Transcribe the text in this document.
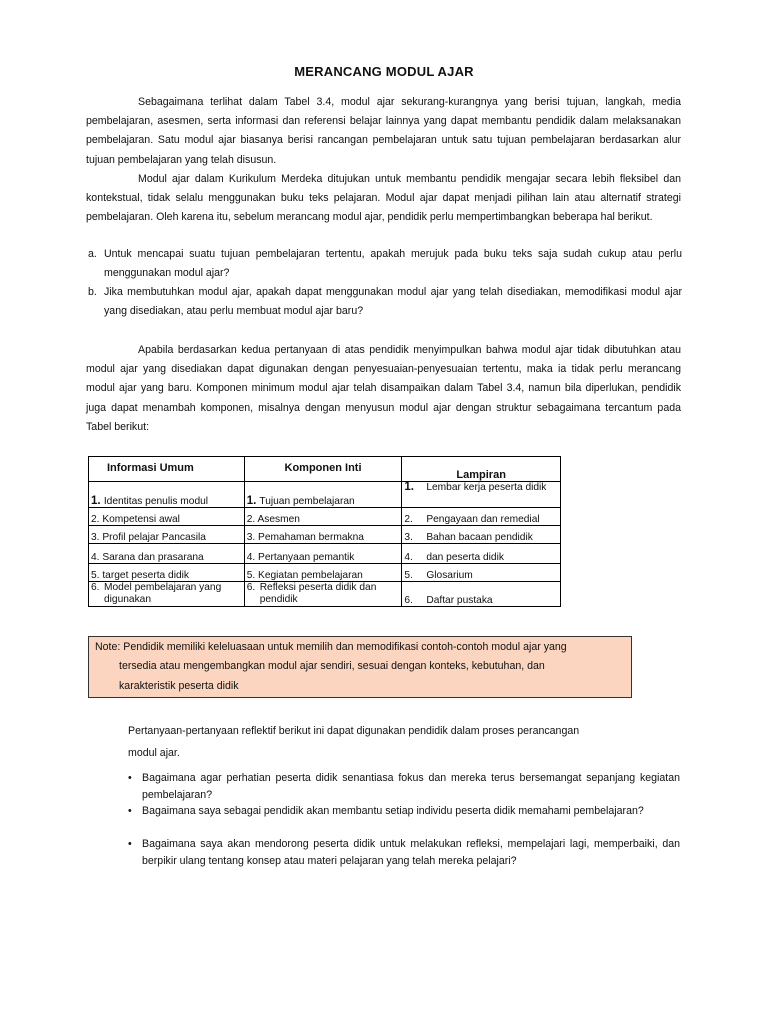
MERANCANG MODUL AJAR

Sebagaimana terlihat dalam Tabel 3.4, modul ajar sekurang-kurangnya yang berisi tujuan, langkah, media pembelajaran, asesmen, serta informasi dan referensi belajar lainnya yang dapat membantu pendidik dalam melaksanakan pembelajaran. Satu modul ajar biasanya berisi rancangan pembelajaran untuk satu tujuan pembelajaran berdasarkan alur tujuan pembelajaran yang telah disusun.

Modul ajar dalam Kurikulum Merdeka ditujukan untuk membantu pendidik mengajar secara lebih fleksibel dan kontekstual, tidak selalu menggunakan buku teks pelajaran. Modul ajar dapat menjadi pilihan lain atau alternatif strategi pembelajaran. Oleh karena itu, sebelum merancang modul ajar, pendidik perlu mempertimbangkan beberapa hal berikut.

a. Untuk mencapai suatu tujuan pembelajaran tertentu, apakah merujuk pada buku teks saja sudah cukup atau perlu menggunakan modul ajar?
b. Jika membutuhkan modul ajar, apakah dapat menggunakan modul ajar yang telah disediakan, memodifikasi modul ajar yang disediakan, atau perlu membuat modul ajar baru?

Apabila berdasarkan kedua pertanyaan di atas pendidik menyimpulkan bahwa modul ajar tidak dibutuhkan atau modul ajar yang disediakan dapat digunakan dengan penyesuaian-penyesuaian tertentu, maka ia tidak perlu merancang modul ajar yang baru. Komponen minimum modul ajar telah disampaikan dalam Tabel 3.4, namun bila diperlukan, pendidik juga dapat menambah komponen, misalnya dengan menyusun modul ajar dengan struktur sebagaimana tercantum pada Tabel berikut:

Informasi Umum	Komponen Inti	Lampiran
1. Identitas penulis modul	1. Tujuan pembelajaran	1. Lembar kerja peserta didik

2. Kompetensi awal	2. Asesmen	2. Pengayaan dan remedial
3. Profil pelajar Pancasila	3. Pemahaman bermakna	3. Bahan bacaan pendidik
4. Sarana dan prasarana	4. Pertanyaan pemantik	4. dan peserta didik
5. target peserta didik	5. Kegiatan pembelajaran	5. Glosarium

6. Model pembelajaran yang digunakan	6. Refleksi peserta didik dan pendidik	6. Daftar pustaka
Note: Pendidik memiliki keleluasaan untuk memilih dan memodifikasi contoh-contoh modul ajar yang
tersedia atau mengembangkan modul ajar sendiri, sesuai dengan konteks, kebutuhan, dan
karakteristik peserta didik
Pertanyaan-pertanyaan reflektif berikut ini dapat digunakan pendidik dalam proses perancangan
modul ajar.
• Bagaimana agar perhatian peserta didik senantiasa fokus dan mereka terus bersemangat sepanjang kegiatan pembelajaran?
• Bagaimana saya sebagai pendidik akan membantu setiap individu peserta didik memahami pembelajaran?
• Bagaimana saya akan mendorong peserta didik untuk melakukan refleksi, mempelajari lagi, memperbaiki, dan berpikir ulang tentang konsep atau materi pelajaran yang telah mereka pelajari?
